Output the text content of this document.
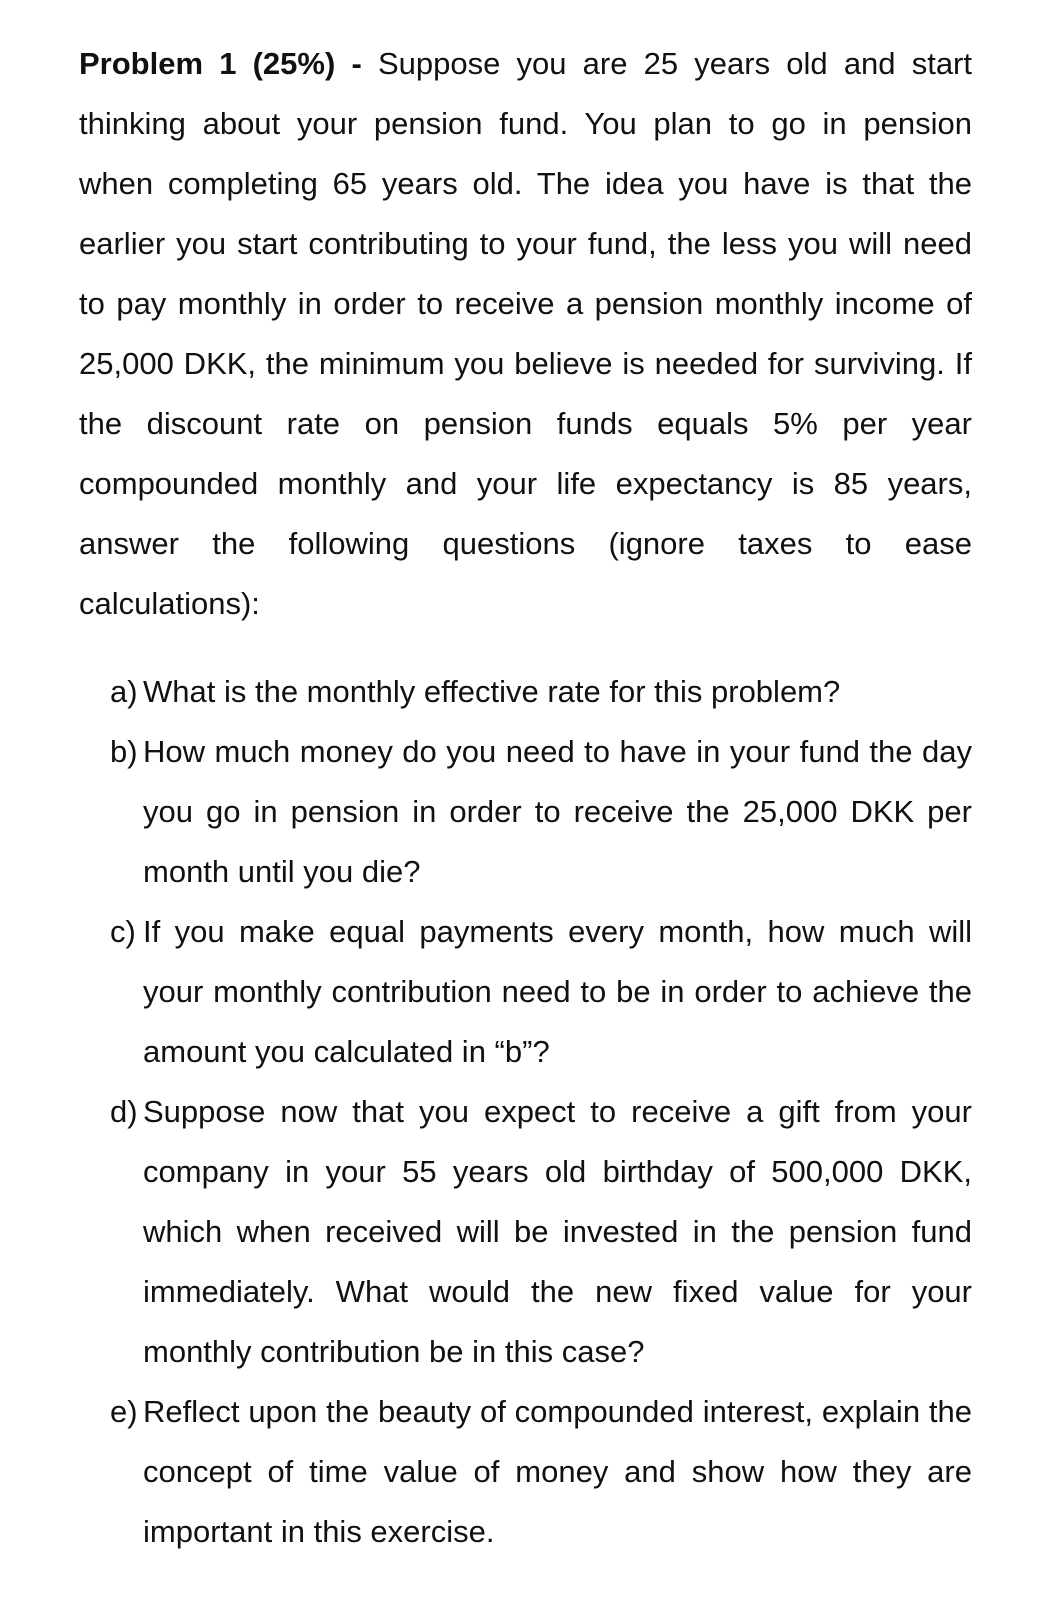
Problem 1 (25%) - Suppose you are 25 years old and start thinking about your pension fund. You plan to go in pension when completing 65 years old. The idea you have is that the earlier you start contributing to your fund, the less you will need to pay monthly in order to receive a pension monthly income of 25,000 DKK, the minimum you believe is needed for surviving. If the discount rate on pension funds equals 5% per year compounded monthly and your life expectancy is 85 years, answer the following questions (ignore taxes to ease calculations):

a) What is the monthly effective rate for this problem?
b) How much money do you need to have in your fund the day you go in pension in order to receive the 25,000 DKK per month until you die?
c) If you make equal payments every month, how much will your monthly contribution need to be in order to achieve the amount you calculated in “b”?
d) Suppose now that you expect to receive a gift from your company in your 55 years old birthday of 500,000 DKK, which when received will be invested in the pension fund immediately. What would the new fixed value for your monthly contribution be in this case?
e) Reflect upon the beauty of compounded interest, explain the concept of time value of money and show how they are important in this exercise.
